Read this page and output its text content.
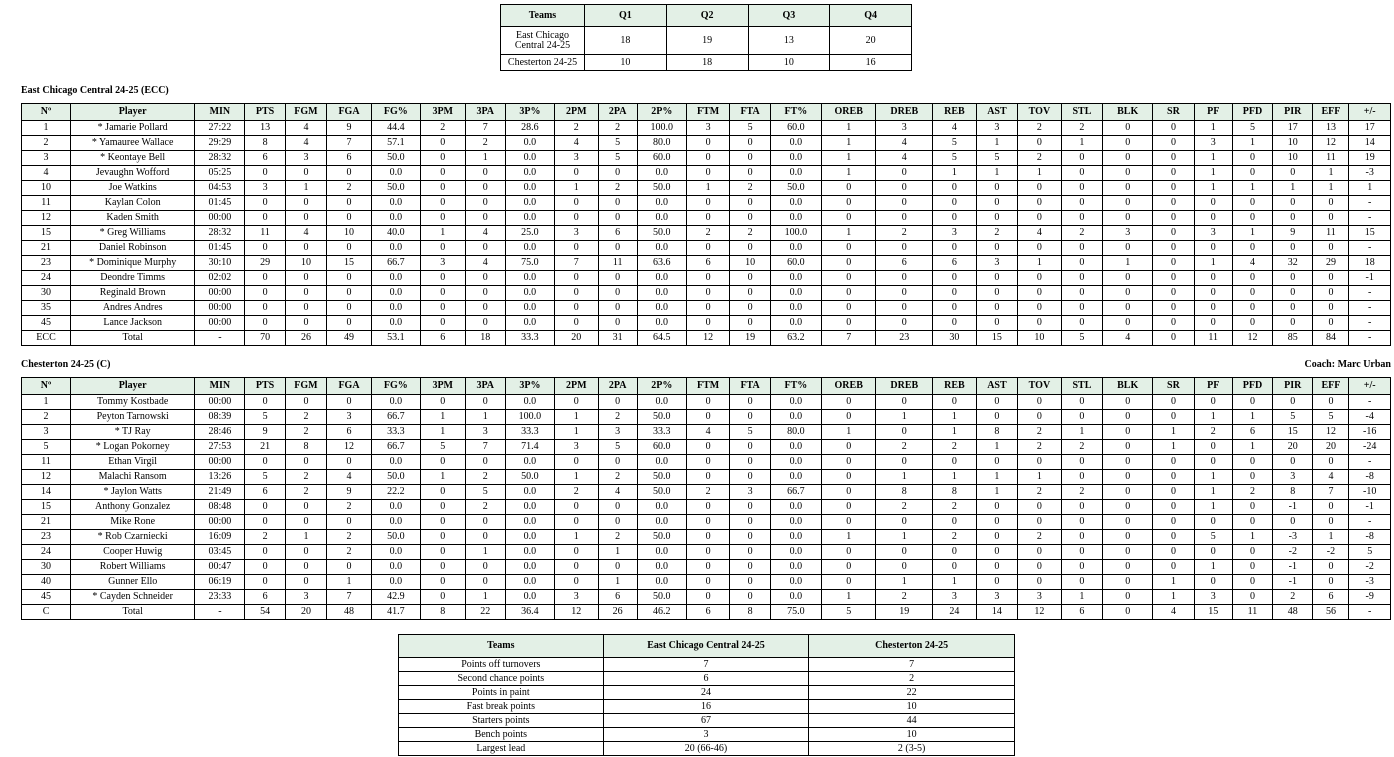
Teams	Q1	Q2	Q3	Q4
East Chicago Central 24-25	18	19	13	20
Chesterton 24-25	10	18	10	16
East Chicago Central 24-25 (ECC)
Nº	Player	MIN	PTS	FGM	FGA	FG%	3PM	3PA	3P%	2PM	2PA	2P%	FTM	FTA	FT%	OREB	DREB	REB	AST	TOV	STL	BLK	SR	PF	PFD	PIR	EFF	+/-
1	* Jamarie Pollard	27:22	13	4	9	44.4	2	7	28.6	2	2	100.0	3	5	60.0	1	3	4	3	2	2	0	0	1	5	17	13	17
2	* Yamauree Wallace	29:29	8	4	7	57.1	0	2	0.0	4	5	80.0	0	0	0.0	1	4	5	1	0	1	0	0	3	1	10	12	14
3	* Keontaye Bell	28:32	6	3	6	50.0	0	1	0.0	3	5	60.0	0	0	0.0	1	4	5	5	2	0	0	0	1	0	10	11	19
4	Jevaughn Wofford	05:25	0	0	0	0.0	0	0	0.0	0	0	0.0	0	0	0.0	1	0	1	1	1	0	0	0	1	0	0	1	-3
10	Joe Watkins	04:53	3	1	2	50.0	0	0	0.0	1	2	50.0	1	2	50.0	0	0	0	0	0	0	0	0	1	1	1	1	1
11	Kaylan Colon	01:45	0	0	0	0.0	0	0	0.0	0	0	0.0	0	0	0.0	0	0	0	0	0	0	0	0	0	0	0	0	-
12	Kaden Smith	00:00	0	0	0	0.0	0	0	0.0	0	0	0.0	0	0	0.0	0	0	0	0	0	0	0	0	0	0	0	0	-
15	* Greg Williams	28:32	11	4	10	40.0	1	4	25.0	3	6	50.0	2	2	100.0	1	2	3	2	4	2	3	0	3	1	9	11	15
21	Daniel Robinson	01:45	0	0	0	0.0	0	0	0.0	0	0	0.0	0	0	0.0	0	0	0	0	0	0	0	0	0	0	0	0	-
23	* Dominique Murphy	30:10	29	10	15	66.7	3	4	75.0	7	11	63.6	6	10	60.0	0	6	6	3	1	0	1	0	1	4	32	29	18
24	Deondre Timms	02:02	0	0	0	0.0	0	0	0.0	0	0	0.0	0	0	0.0	0	0	0	0	0	0	0	0	0	0	0	0	-1
30	Reginald Brown	00:00	0	0	0	0.0	0	0	0.0	0	0	0.0	0	0	0.0	0	0	0	0	0	0	0	0	0	0	0	0	-
35	Andres Andres	00:00	0	0	0	0.0	0	0	0.0	0	0	0.0	0	0	0.0	0	0	0	0	0	0	0	0	0	0	0	0	-
45	Lance Jackson	00:00	0	0	0	0.0	0	0	0.0	0	0	0.0	0	0	0.0	0	0	0	0	0	0	0	0	0	0	0	0	-
ECC	Total	-	70	26	49	53.1	6	18	33.3	20	31	64.5	12	19	63.2	7	23	30	15	10	5	4	0	11	12	85	84	-
Chesterton 24-25 (C)	Coach: Marc Urban
Nº	Player	MIN	PTS	FGM	FGA	FG%	3PM	3PA	3P%	2PM	2PA	2P%	FTM	FTA	FT%	OREB	DREB	REB	AST	TOV	STL	BLK	SR	PF	PFD	PIR	EFF	+/-
1	Tommy Kostbade	00:00	0	0	0	0.0	0	0	0.0	0	0	0.0	0	0	0.0	0	0	0	0	0	0	0	0	0	0	0	0	-
2	Peyton Tarnowski	08:39	5	2	3	66.7	1	1	100.0	1	2	50.0	0	0	0.0	0	1	1	0	0	0	0	0	1	1	5	5	-4
3	* TJ Ray	28:46	9	2	6	33.3	1	3	33.3	1	3	33.3	4	5	80.0	1	0	1	8	2	1	0	1	2	6	15	12	-16
5	* Logan Pokorney	27:53	21	8	12	66.7	5	7	71.4	3	5	60.0	0	0	0.0	0	2	2	1	2	2	0	1	0	1	20	20	-24
11	Ethan Virgil	00:00	0	0	0	0.0	0	0	0.0	0	0	0.0	0	0	0.0	0	0	0	0	0	0	0	0	0	0	0	0	-
12	Malachi Ransom	13:26	5	2	4	50.0	1	2	50.0	1	2	50.0	0	0	0.0	0	1	1	1	1	0	0	0	1	0	3	4	-8
14	* Jaylon Watts	21:49	6	2	9	22.2	0	5	0.0	2	4	50.0	2	3	66.7	0	8	8	1	2	2	0	0	1	2	8	7	-10
15	Anthony Gonzalez	08:48	0	0	2	0.0	0	2	0.0	0	0	0.0	0	0	0.0	0	2	2	0	0	0	0	0	1	0	-1	0	-1
21	Mike Rone	00:00	0	0	0	0.0	0	0	0.0	0	0	0.0	0	0	0.0	0	0	0	0	0	0	0	0	0	0	0	0	-
23	* Rob Czarniecki	16:09	2	1	2	50.0	0	0	0.0	1	2	50.0	0	0	0.0	1	1	2	0	2	0	0	0	5	1	-3	1	-8
24	Cooper Huwig	03:45	0	0	2	0.0	0	1	0.0	0	1	0.0	0	0	0.0	0	0	0	0	0	0	0	0	0	0	-2	-2	5
30	Robert Williams	00:47	0	0	0	0.0	0	0	0.0	0	0	0.0	0	0	0.0	0	0	0	0	0	0	0	0	1	0	-1	0	-2
40	Gunner Ello	06:19	0	0	1	0.0	0	0	0.0	0	1	0.0	0	0	0.0	0	1	1	0	0	0	0	1	0	0	-1	0	-3
45	* Cayden Schneider	23:33	6	3	7	42.9	0	1	0.0	3	6	50.0	0	0	0.0	1	2	3	3	3	1	0	1	3	0	2	6	-9
C	Total	-	54	20	48	41.7	8	22	36.4	12	26	46.2	6	8	75.0	5	19	24	14	12	6	0	4	15	11	48	56	-
Teams	East Chicago Central 24-25	Chesterton 24-25
Points off turnovers	7	7
Second chance points	6	2
Points in paint	24	22
Fast break points	16	10
Starters points	67	44
Bench points	3	10
Largest lead	20 (66-46)	2 (3-5)
